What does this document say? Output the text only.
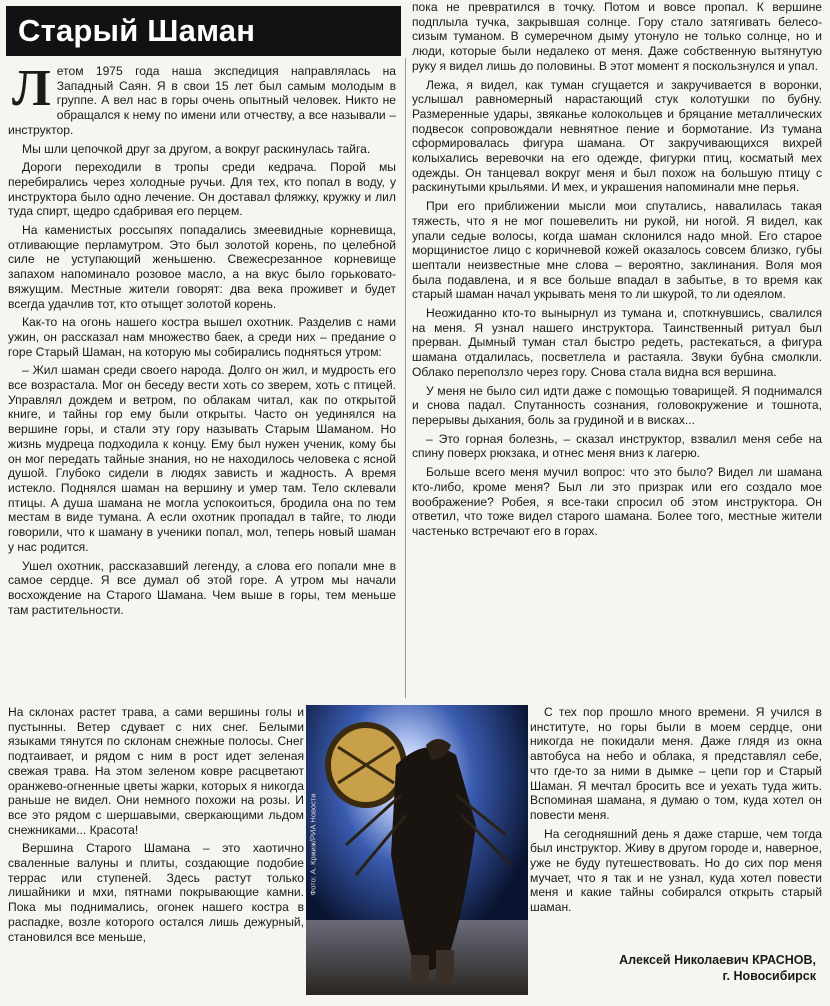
Старый Шаман
Л етом 1975 года наша экспедиция направлялась на Западный Саян. Я в свои 15 лет был самым молодым в группе. А вел нас в горы очень опытный человек. Никто не обращался к нему по имени или отчеству, а все называли – инструктор.

Мы шли цепочкой друг за другом, а вокруг раскинулась тайга.

Дороги переходили в тропы среди кедрача. Порой мы перебирались через холодные ручьи. Для тех, кто попал в воду, у инструктора было одно лечение. Он доставал фляжку, кружку и лил туда спирт, щедро сдабривая его перцем.

На каменистых россыпях попадались змеевидные корневища, отливающие перламутром. Это был золотой корень, по целебной силе не уступающий женьшеню. Свежесрезанное корневище запахом напоминало розовое масло, а на вкус было горьковато-вяжущим. Местные жители говорят: два века проживет и будет всегда удачлив тот, кто отыщет золотой корень.

Как-то на огонь нашего костра вышел охотник. Разделив с нами ужин, он рассказал нам множество баек, а среди них – предание о горе Старый Шаман, на которую мы собирались подняться утром:

– Жил шаман среди своего народа. Долго он жил, и мудрость его все возрастала. Мог он беседу вести хоть со зверем, хоть с птицей. Управлял дождем и ветром, по облакам читал, как по открытой книге, и тайны гор ему были открыты. Часто он уединялся на вершине горы, и стали эту гору называть Старым Шаманом. Но жизнь мудреца подходила к концу. Ему был нужен ученик, кому бы он мог передать тайные знания, но не находилось человека с ясной душой. Глубоко сидели в людях зависть и жадность. А время истекло. Поднялся шаман на вершину и умер там. Тело склевали птицы. А душа шамана не могла успокоиться, бродила она по тем местам в виде тумана. А если охотник пропадал в тайге, то люди говорили, что к шаману в ученики попал, мол, теперь новый шаман у нас родится.

Ушел охотник, рассказавший легенду, а слова его попали мне в самое сердце. Я все думал об этой горе. А утром мы начали восхождение на Старого Шамана. Чем выше в горы, тем меньше там растительности.

На склонах растет трава, а сами вершины голы и пустынны. Ветер сдувает с них снег. Белыми языками тянутся по склонам снежные полосы. Снег подтаивает, и рядом с ним в рост идет зеленая свежая трава. На этом зеленом ковре расцветают оранжево-огненные цветы жарки, которых я никогда раньше не видел. Они немного похожи на розы. И все это рядом с шершавыми, сверкающими льдом снежниками... Красота!

Вершина Старого Шамана – это хаотично сваленные валуны и плиты, создающие подобие террас или ступеней. Здесь растут только лишайники и мхи, пятнами покрывающие камни. Пока мы поднимались, огонек нашего костра в распадке, возле которого остался лишь дежурный, становился все меньше,

пока не превратился в точку. Потом и вовсе пропал. К вершине подплыла тучка, закрывшая солнце. Гору стало затягивать белесо-сизым туманом. В сумеречном дыму утонуло не только солнце, но и люди, которые были недалеко от меня. Даже собственную вытянутую руку я видел лишь до половины. В этот момент я поскользнулся и упал.

Лежа, я видел, как туман сгущается и закручивается в воронки, услышал равномерный нарастающий стук колотушки по бубну. Размеренные удары, звяканье колокольцев и бряцание металлических подвесок сопровождали невнятное пение и бормотание. Из тумана сформировалась фигура шамана. От закручивающихся вихрей колыхались веревочки на его одежде, фигурки птиц, косматый мех одежды. Он танцевал вокруг меня и был похож на большую птицу с раскинутыми крыльями. И мех, и украшения напоминали мне перья.

При его приближении мысли мои спутались, навалилась такая тяжесть, что я не мог пошевелить ни рукой, ни ногой. Я видел, как упали седые волосы, когда шаман склонился надо мной. Его старое морщинистое лицо с коричневой кожей оказалось совсем близко, губы шептали неизвестные мне слова – вероятно, заклинания. Воля моя была подавлена, и я все больше впадал в забытье, в то время как старый шаман начал укрывать меня то ли шкурой, то ли одеялом.

Неожиданно кто-то вынырнул из тумана и, споткнувшись, свалился на меня. Я узнал нашего инструктора. Таинственный ритуал был прерван. Дымный туман стал быстро редеть, растекаться, а фигура шамана отдалилась, посветлела и растаяла. Звуки бубна смолкли. Облако переползло через гору. Снова стала видна вся вершина.

У меня не было сил идти даже с помощью товарищей. Я поднимался и снова падал. Спутанность сознания, головокружение и тошнота, перерывы дыхания, боль за грудиной и в висках...

– Это горная болезнь, – сказал инструктор, взвалил меня себе на спину поверх рюкзака, и отнес меня вниз к лагерю.

Больше всего меня мучил вопрос: что это было? Видел ли шамана кто-либо, кроме меня? Был ли это призрак или его создало мое воображение? Робея, я все-таки спросил об этом инструктора. Он ответил, что тоже видел старого шамана. Более того, местные жители частенько встречают его в горах.

С тех пор прошло много времени. Я учился в институте, но горы были в моем сердце, они никогда не покидали меня. Даже глядя из окна автобуса на небо и облака, я представлял себе, что где-то за ними в дымке – цепи гор и Старый Шаман. Я мечтал бросить все и уехать туда жить. Вспоминая шамана, я думаю о том, куда хотел он повести меня.

На сегодняшний день я даже старше, чем тогда был инструктор. Живу в другом городе и, наверное, уже не буду путешествовать. Но до сих пор меня мучает, что я так и не узнал, куда хотел повести меня и какие тайны собирался открыть старый шаман.

Фото: А. Кржиж/РИА Новости
Алексей Николаевич КРАСНОВ,
г. Новосибирск
